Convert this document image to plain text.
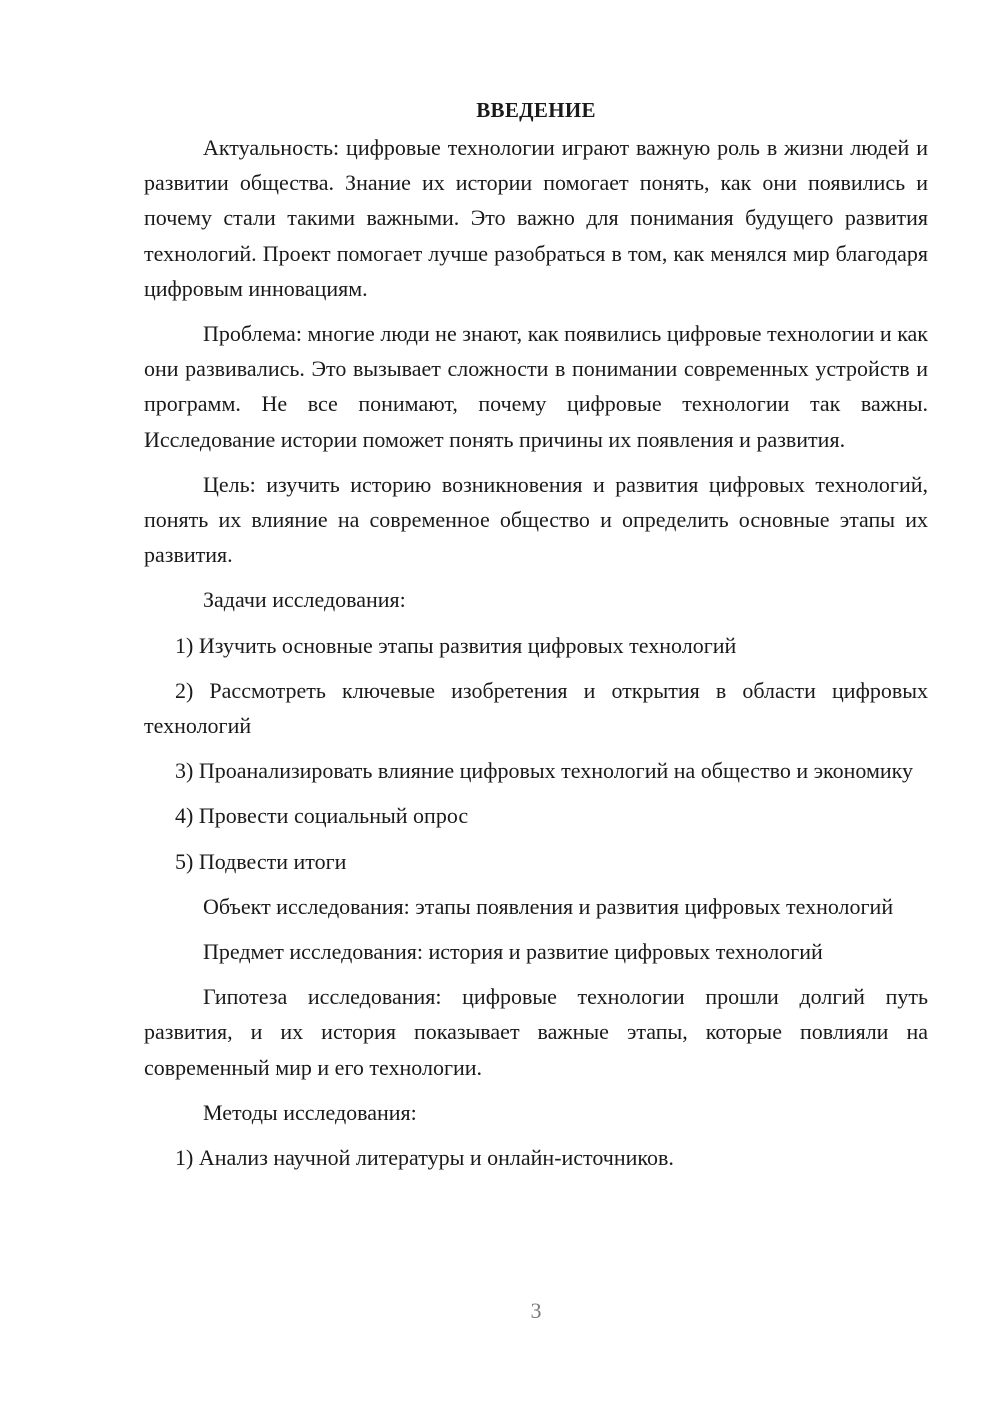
ВВЕДЕНИЕ

Актуальность: цифровые технологии играют важную роль в жизни людей и развитии общества. Знание их истории помогает понять, как они появились и почему стали такими важными. Это важно для понимания будущего развития технологий. Проект помогает лучше разобраться в том, как менялся мир благодаря цифровым инновациям.

Проблема: многие люди не знают, как появились цифровые технологии и как они развивались. Это вызывает сложности в понимании современных устройств и программ. Не все понимают, почему цифровые технологии так важны. Исследование истории поможет понять причины их появления и развития.

Цель: изучить историю возникновения и развития цифровых технологий, понять их влияние на современное общество и определить основные этапы их развития.

Задачи исследования:

1) Изучить основные этапы развития цифровых технологий

2) Рассмотреть ключевые изобретения и открытия в области цифровых технологий

3) Проанализировать влияние цифровых технологий на общество и экономику

4) Провести социальный опрос

5) Подвести итоги

Объект исследования: этапы появления и развития цифровых технологий

Предмет исследования: история и развитие цифровых технологий

Гипотеза исследования: цифровые технологии прошли долгий путь развития, и их история показывает важные этапы, которые повлияли на современный мир и его технологии.

Методы исследования:

1) Анализ научной литературы и онлайн-источников.

3
